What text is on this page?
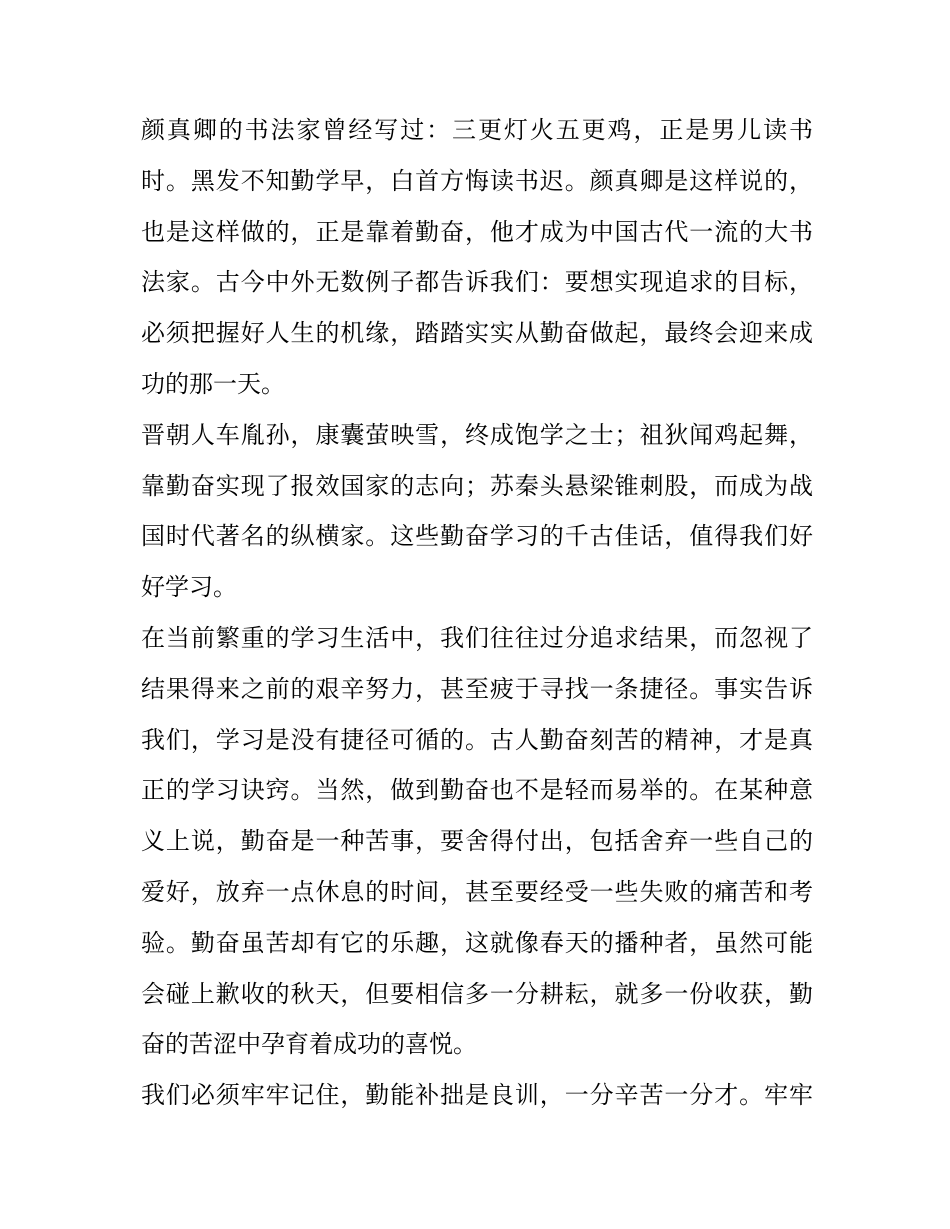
颜真卿的书法家曾经写过：三更灯火五更鸡，正是男儿读书
时。黑发不知勤学早，白首方悔读书迟。颜真卿是这样说的，
也是这样做的，正是靠着勤奋，他才成为中国古代一流的大书
法家。古今中外无数例子都告诉我们：要想实现追求的目标，
必须把握好人生的机缘，踏踏实实从勤奋做起，最终会迎来成
功的那一天。
晋朝人车胤孙，康囊萤映雪，终成饱学之士；祖狄闻鸡起舞，
靠勤奋实现了报效国家的志向；苏秦头悬梁锥刺股，而成为战
国时代著名的纵横家。这些勤奋学习的千古佳话，值得我们好
好学习。
在当前繁重的学习生活中，我们往往过分追求结果，而忽视了
结果得来之前的艰辛努力，甚至疲于寻找一条捷径。事实告诉
我们，学习是没有捷径可循的。古人勤奋刻苦的精神，才是真
正的学习诀窍。当然，做到勤奋也不是轻而易举的。在某种意
义上说，勤奋是一种苦事，要舍得付出，包括舍弃一些自己的
爱好，放弃一点休息的时间，甚至要经受一些失败的痛苦和考
验。勤奋虽苦却有它的乐趣，这就像春天的播种者，虽然可能
会碰上歉收的秋天，但要相信多一分耕耘，就多一份收获，勤
奋的苦涩中孕育着成功的喜悦。
我们必须牢牢记住，勤能补拙是良训，一分辛苦一分才。牢牢
